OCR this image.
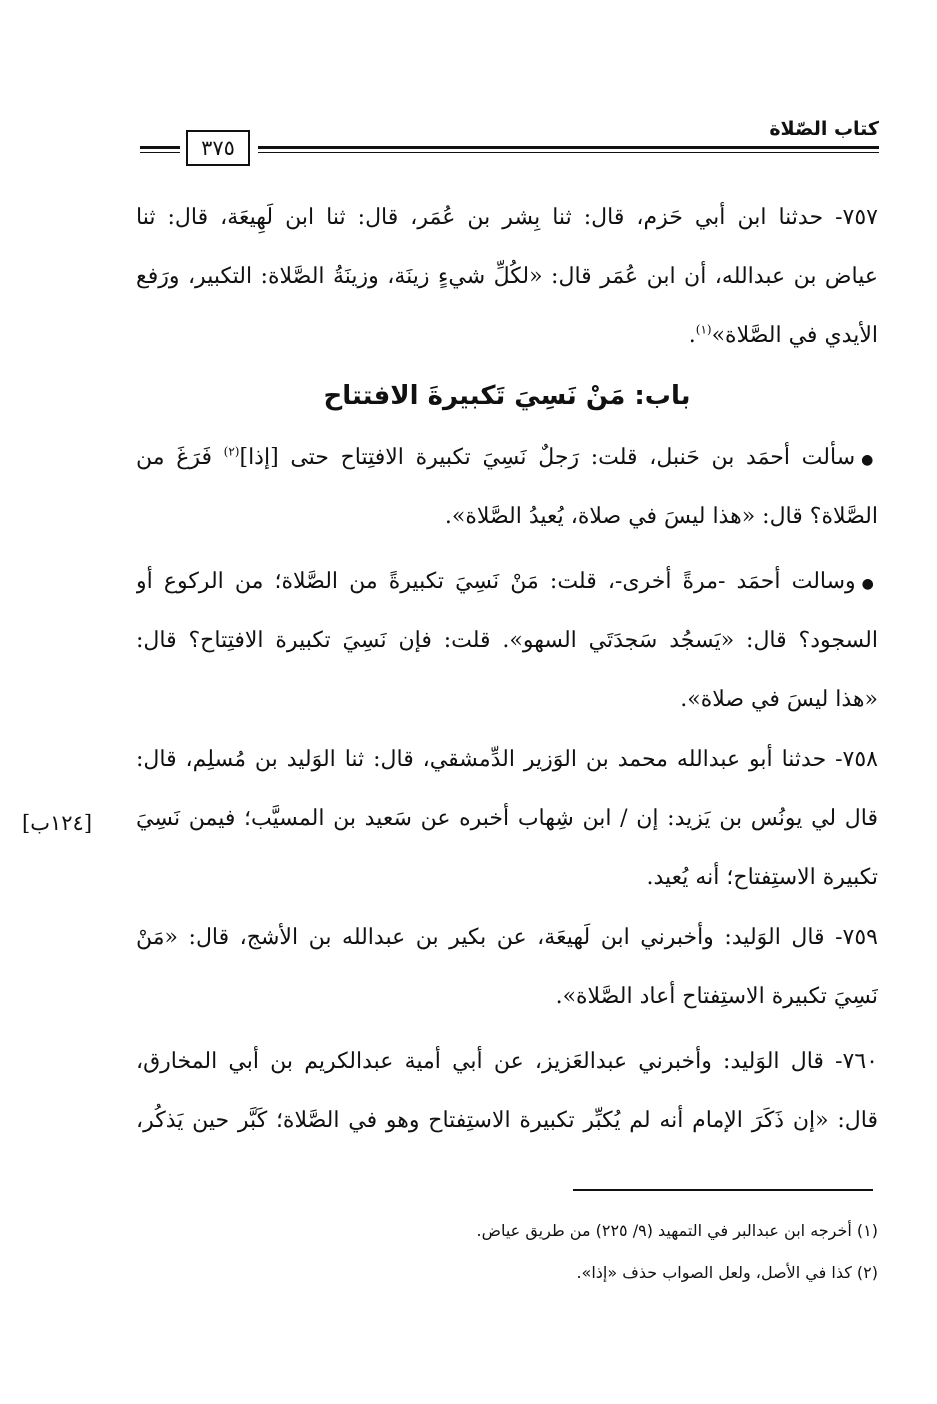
كتاب الصّلاة
٣٧٥
٧٥٧- حدثنا ابن أبي حَزم، قال: ثنا بِشر بن عُمَر، قال: ثنا ابن لَهِيعَة، قال: ثنا
عياض بن عبدالله، أن ابن عُمَر قال: «لكُلِّ شيءٍ زينَة، وزينَةُ الصَّلاة: التكبير، ورَفع
الأيدي في الصَّلاة»$^{(١)}$.
باب: مَنْ نَسِيَ تَكبيرةَ الافتتاح
●سألت أحمَد بن حَنبل، قلت: رَجلٌ نَسِيَ تكبيرة الافتِتاح حتى [إذا]$^{(٢)}$ فَرَغَ من
الصَّلاة؟ قال: «هذا ليسَ في صلاة، يُعيدُ الصَّلاة».
●وسالت أحمَد -مرةً أخرى-، قلت: مَنْ نَسِيَ تكبيرةً من الصَّلاة؛ من الركوع أو
السجود؟ قال: «يَسجُد سَجدَتَي السهو». قلت: فإن نَسِيَ تكبيرة الافتِتاح؟ قال:
«هذا ليسَ في صلاة».
٧٥٨- حدثنا أبو عبدالله محمد بن الوَزير الدِّمشقي، قال: ثنا الوَليد بن مُسلِم، قال:
قال لي يونُس بن يَزيد: إن / ابن شِهاب أخبره عن سَعيد بن المسيَّب؛ فيمن نَسِيَ
تكبيرة الاستِفتاح؛ أنه يُعيد.
[١٢٤ب]
٧٥٩- قال الوَليد: وأخبرني ابن لَهيعَة، عن بكير بن عبدالله بن الأشج، قال: «مَنْ
نَسِيَ تكبيرة الاستِفتاح أعاد الصَّلاة».
٧٦٠- قال الوَليد: وأخبرني عبدالعَزيز، عن أبي أمية عبدالكريم بن أبي المخارق،
قال: «إن ذَكَرَ الإمام أنه لم يُكبِّر تكبيرة الاستِفتاح وهو في الصَّلاة؛ كَبَّر حين يَذكُر،
(١) أخرجه ابن عبدالبر في التمهيد (٩/ ٢٢٥) من طريق عياض.
(٢) كذا في الأصل، ولعل الصواب حذف «إذا».
